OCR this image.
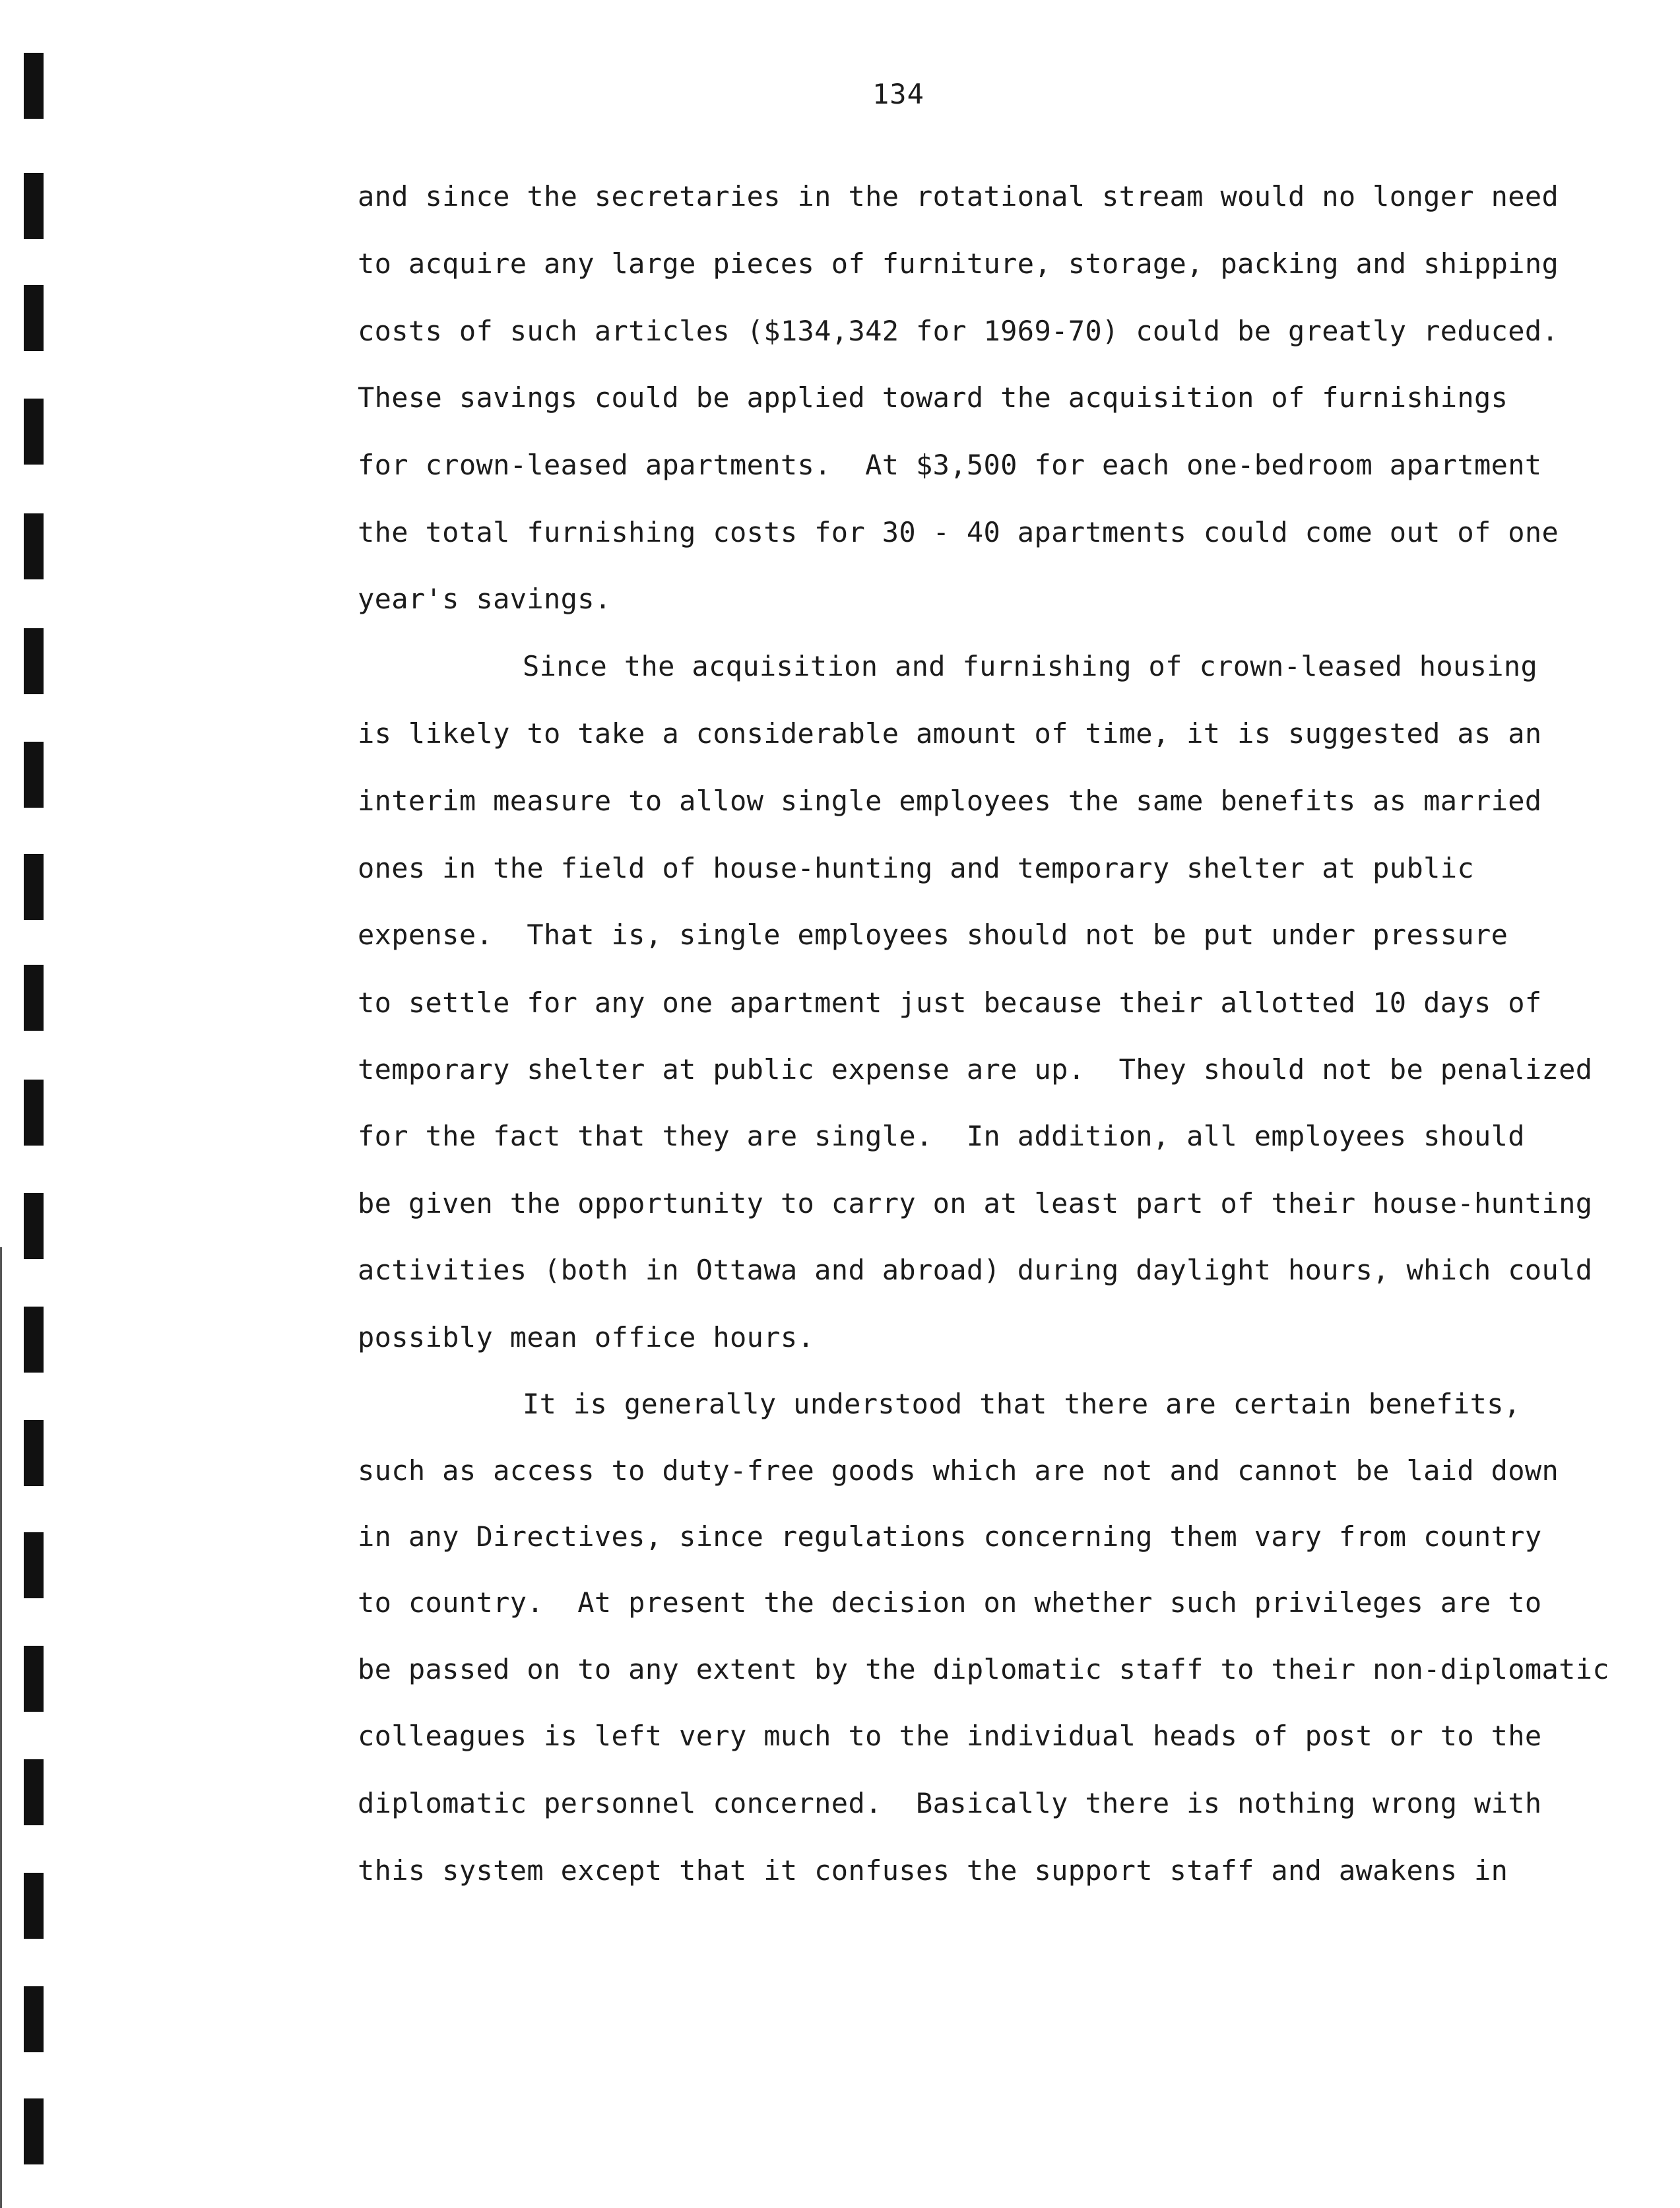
134
and since the secretaries in the rotational stream would no longer need
to acquire any large pieces of furniture, storage, packing and shipping
costs of such articles ($134,342 for 1969-70) could be greatly reduced.
These savings could be applied toward the acquisition of furnishings
for crown-leased apartments.  At $3,500 for each one-bedroom apartment
the total furnishing costs for 30 - 40 apartments could come out of one
year's savings.
Since the acquisition and furnishing of crown-leased housing
is likely to take a considerable amount of time, it is suggested as an
interim measure to allow single employees the same benefits as married
ones in the field of house-hunting and temporary shelter at public
expense.  That is, single employees should not be put under pressure
to settle for any one apartment just because their allotted 10 days of
temporary shelter at public expense are up.  They should not be penalized
for the fact that they are single.  In addition, all employees should
be given the opportunity to carry on at least part of their house-hunting
activities (both in Ottawa and abroad) during daylight hours, which could
possibly mean office hours.
It is generally understood that there are certain benefits,
such as access to duty-free goods which are not and cannot be laid down
in any Directives, since regulations concerning them vary from country
to country.  At present the decision on whether such privileges are to
be passed on to any extent by the diplomatic staff to their non-diplomatic
colleagues is left very much to the individual heads of post or to the
diplomatic personnel concerned.  Basically there is nothing wrong with
this system except that it confuses the support staff and awakens in
